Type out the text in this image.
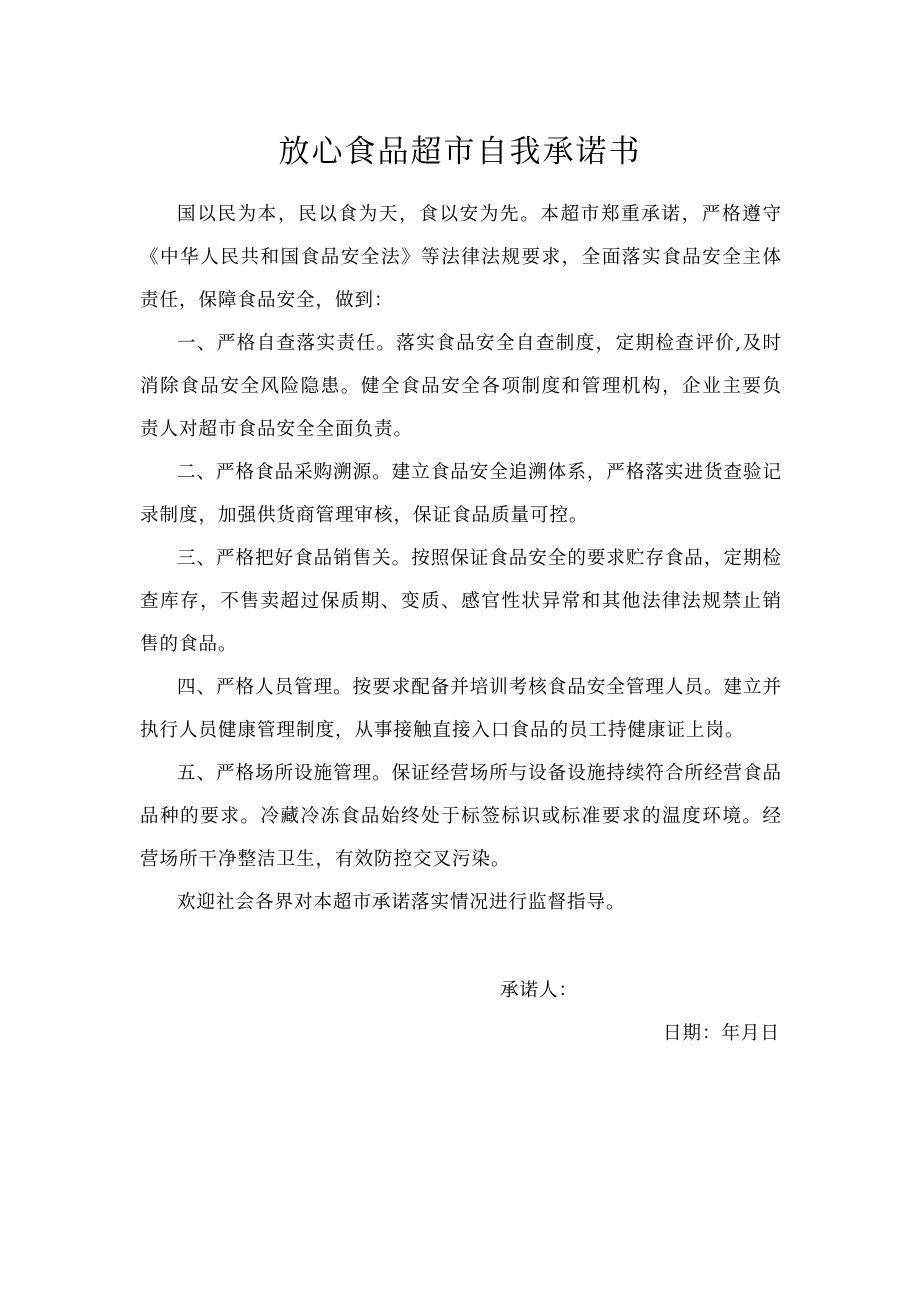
放心食品超市自我承诺书

国以民为本，民以食为天，食以安为先。本超市郑重承诺，严格遵守《中华人民共和国食品安全法》等法律法规要求，全面落实食品安全主体责任，保障食品安全，做到：

一、严格自查落实责任。落实食品安全自查制度，定期检查评价,及时消除食品安全风险隐患。健全食品安全各项制度和管理机构，企业主要负责人对超市食品安全全面负责。

二、严格食品采购溯源。建立食品安全追溯体系，严格落实进货查验记录制度，加强供货商管理审核，保证食品质量可控。

三、严格把好食品销售关。按照保证食品安全的要求贮存食品，定期检查库存，不售卖超过保质期、变质、感官性状异常和其他法律法规禁止销售的食品。

四、严格人员管理。按要求配备并培训考核食品安全管理人员。建立并执行人员健康管理制度，从事接触直接入口食品的员工持健康证上岗。

五、严格场所设施管理。保证经营场所与设备设施持续符合所经营食品品种的要求。冷藏冷冻食品始终处于标签标识或标准要求的温度环境。经营场所干净整洁卫生，有效防控交叉污染。

欢迎社会各界对本超市承诺落实情况进行监督指导。

承诺人：
日期：年月日
